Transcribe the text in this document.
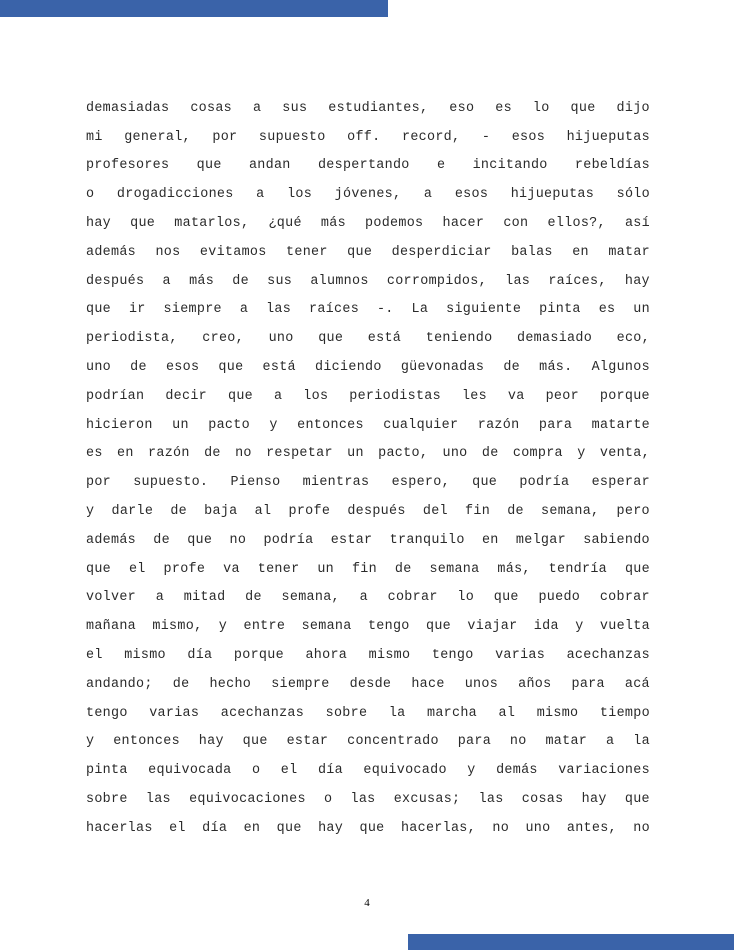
demasiadas cosas a sus estudiantes, eso es lo que dijo
mi general, por supuesto off. record, - esos hijueputas
profesores que andan despertando e incitando rebeldías
o drogadicciones a los jóvenes, a esos hijueputas sólo
hay que matarlos, ¿qué más podemos hacer con ellos?, así
además nos evitamos tener que desperdiciar balas en matar
después a más de sus alumnos corrompidos, las raíces, hay
que ir siempre a las raíces -. La siguiente pinta es un
periodista, creo, uno que está teniendo demasiado eco,
uno de esos que está diciendo güevonadas de más. Algunos
podrían decir que a los periodistas les va peor porque
hicieron un pacto y entonces cualquier razón para matarte
es en razón de no respetar un pacto, uno de compra y venta,
por supuesto. Pienso mientras espero, que podría esperar
y darle de baja al profe después del fin de semana, pero
además de que no podría estar tranquilo en melgar sabiendo
que el profe va tener un fin de semana más, tendría que
volver a mitad de semana, a cobrar lo que puedo cobrar
mañana mismo, y entre semana tengo que viajar ida y vuelta
el mismo día porque ahora mismo tengo varias acechanzas
andando; de hecho siempre desde hace unos años para acá
tengo varias acechanzas sobre la marcha al mismo tiempo
y entonces hay que estar concentrado para no matar a la
pinta equivocada o el día equivocado y demás variaciones
sobre las equivocaciones o las excusas; las cosas hay que
hacerlas el día en que hay que hacerlas, no uno antes, no
4
